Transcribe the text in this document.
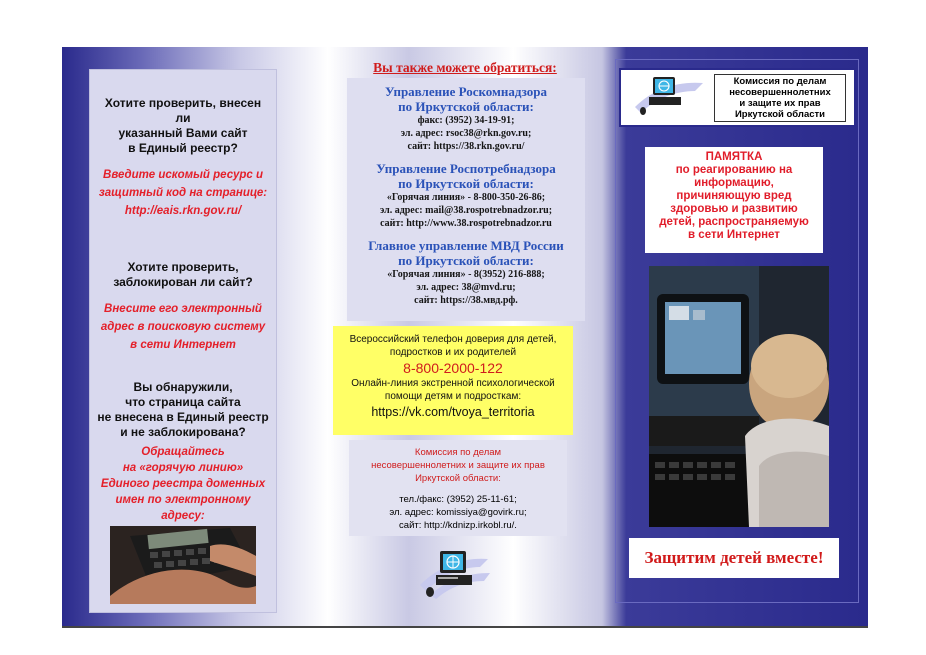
Хотите проверить, внесен ли
указанный Вами сайт
в Единый реестр?
Введите искомый ресурс и
защитный код на странице:
http://eais.rkn.gov.ru/
Хотите проверить,
заблокирован ли сайт?
Внесите его электронный
адрес в поисковую систему
в сети Интернет
Вы обнаружили,
что страница сайта
не внесена в Единый реестр
и не заблокирована?
Обращайтесь
на «горячую линию»
Единого реестра доменных
имен по электронному адресу:
Вы также можете обратиться:
Управление Роскомнадзора
по Иркутской области:
факс: (3952) 34-19-91;
эл. адрес: rsoc38@rkn.gov.ru;
сайт: https://38.rkn.gov.ru/
Управление Роспотребнадзора
по Иркутской области:
«Горячая линия» - 8-800-350-26-86;
эл. адрес: mail@38.rospotrebnadzor.ru;
сайт: http://www.38.rospotrebnadzor.ru
Главное управление МВД России
по Иркутской области:
«Горячая линия» - 8(3952) 216-888;
эл. адрес: 38@mvd.ru;
сайт: https://38.мвд.рф.
Всероссийский телефон доверия для детей,
подростков и их родителей
8-800-2000-122
Онлайн-линия экстренной психологической
помощи детям и подросткам:
https://vk.com/tvoya_territoria
Комиссия по делам
несовершеннолетних и защите их прав
Иркутской области:
тел./факс: (3952) 25-11-61;
эл. адрес: komissiya@govirk.ru;
сайт: http://kdnizp.irkobl.ru/.
Комиссия по делам
несовершеннолетних
и защите их прав
Иркутской области
ПАМЯТКА
по реагированию на
информацию,
причиняющую вред
здоровью и развитию
детей, распространяемую
в сети Интернет
Защитим детей вместе!
